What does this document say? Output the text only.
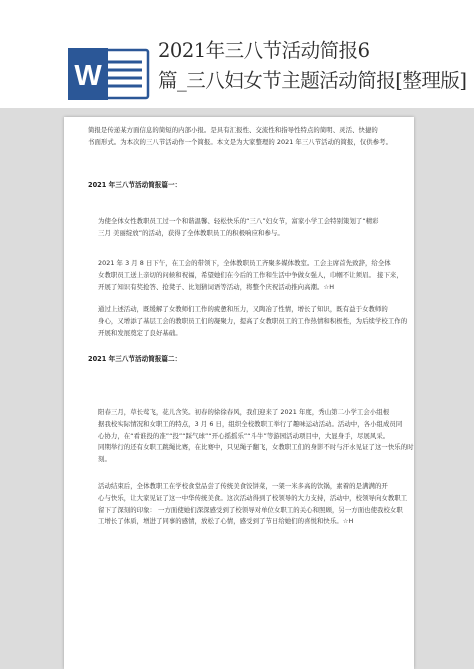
W
2021年三八节活动简报6
篇_三八妇女节主题活动简报[整理版]
简报是传递某方面信息的简短的内部小报。是具有汇报性、交流性和指导性特点的简明、灵活、快捷的
书面形式。为本次的三八节活动作一个简报。本文是为大家整理的 2021 年三八节活动的简报，仅供参考。
2021 年三八节活动简报篇一：
为使全体女性教职员工过一个和谐温馨、轻松快乐的“三八”妇女节，富家小学工会特别策划了“精彩
三月 美丽绽放”的活动，获得了全体教职员工的积极响应和参与。
2021 年 3 月 8 日下午，在工会的带领下，全体教职员工齐聚多媒体教室。工会主席首先致辞，给全体
女教职员工送上亲切的问候和祝福，希望她们在今后的工作和生活中争做女强人，巾帼不让须眉。 接下来，
开展了知识有奖抢答、抢凳子、比划猜词语等活动，将整个庆祝活动推向高潮。☆H
通过上述活动，既缓解了女教师们工作的疲惫和压力，又陶冶了性情，增长了知识，既有益于女教师的
身心，又增添了基层工会的教职员工们的凝聚力，提高了女教职员工的工作热情和积极性，为后续学校工作的
开展和发展奠定了良好基础。
2021 年三八节活动简报篇二：
阳春三月，草长莺飞，花儿含笑。初春的徐徐春风，我们迎来了 2021 年度，秀山第二小学工会小组根
据我校实际情况和女职工的特点，3 月 6 日，组织全校教职工举行了趣味运动活动。活动中，各小组成员同
心协力，在“看谁投的准”“投”“踩气球”“开心摇摇乐”“斗牛”等游园活动项目中，大显身手，尽展风采。
同期举行的还有女职工跳绳比赛，在比赛中，只见绳子翻飞，女教职工们的身影不时与汗水见证了这一快乐的时
刻。
活动结束后，全体教职工在学校食堂品尝了传统美食饺饼菜，一架一米多高的饮锅，素着的是满满的开
心与快乐，让大家见证了这一中华传统美食。这次活动得到了校领导的大力支持，活动中，校领导向女教职工
留下了深刻的印象： 一方面使她们深深感受到了校领导对单位女职工的关心和照顾，另一方面也使我校女职
工增长了体质，增进了同事的感情，放松了心情，感受到了节日给她们的喜悦和快乐。☆H
